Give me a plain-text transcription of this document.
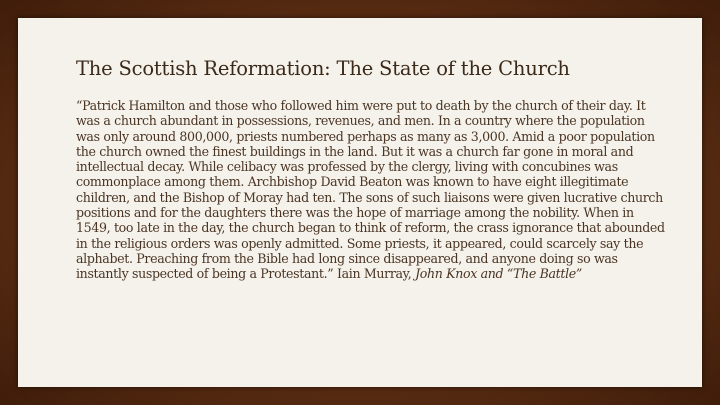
The Scottish Reformation: The State of the Church

“Patrick Hamilton and those who followed him were put to death by the church of their day. It was a church abundant in possessions, revenues, and men. In a country where the population was only around 800,000, priests numbered perhaps as many as 3,000. Amid a poor population the church owned the finest buildings in the land. But it was a church far gone in moral and intellectual decay. While celibacy was professed by the clergy, living with concubines was commonplace among them. Archbishop David Beaton was known to have eight illegitimate children, and the Bishop of Moray had ten. The sons of such liaisons were given lucrative church positions and for the daughters there was the hope of marriage among the nobility. When in 1549, too late in the day, the church began to think of reform, the crass ignorance that abounded in the religious orders was openly admitted. Some priests, it appeared, could scarcely say the alphabet. Preaching from the Bible had long since disappeared, and anyone doing so was instantly suspected of being a Protestant.” Iain Murray, John Knox and “The Battle”
